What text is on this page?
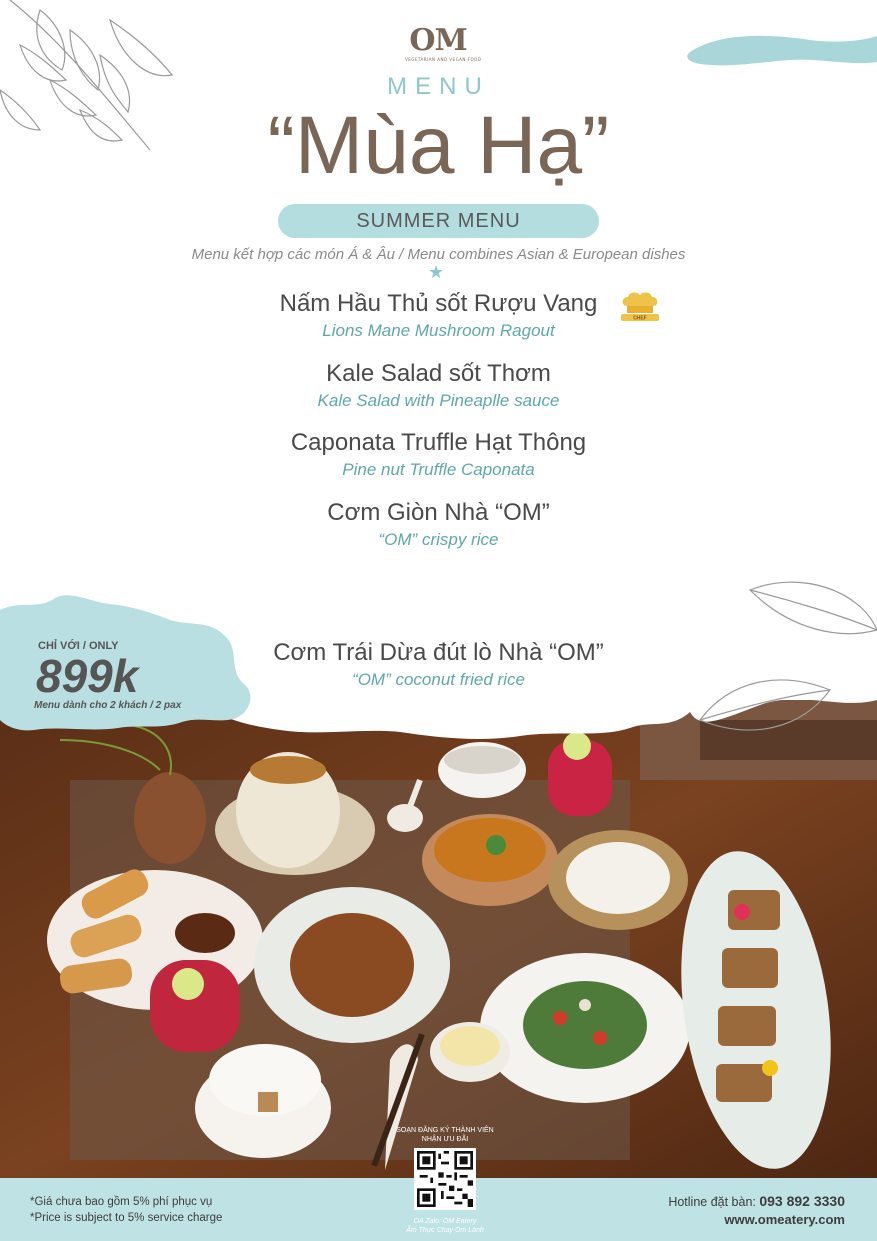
OM
VEGETARIAN AND VEGAN FOOD
MENU
“Mùa Hạ”
SUMMER MENU
Menu kết hợp các món Á & Âu / Menu combines Asian & European dishes
★
Nấm Hầu Thủ sốt Rượu Vang
Lions Mane Mushroom Ragout
CHEF
Kale Salad sốt Thơm
Kale Salad with Pineaplle sauce
Caponata Truffle Hạt Thông
Pine nut Truffle Caponata
Cơm Giòn Nhà “OM”
“OM” crispy rice
Cơm Trái Dừa đút lò Nhà “OM”
“OM” coconut fried rice
CHỈ VỚI / ONLY
899k
Menu dành cho 2 khách / 2 pax
*Giá chưa bao gồm 5% phí phục vụ
*Price is subject to 5% service charge
SOẠN ĐĂNG KÝ THÀNH VIÊN
NHẬN ƯU ĐÃI
OA Zalo: OM Eatery
Ẩm Thực Chay Om Lành
Hotline đặt bàn: 093 892 3330
www.omeatery.com
